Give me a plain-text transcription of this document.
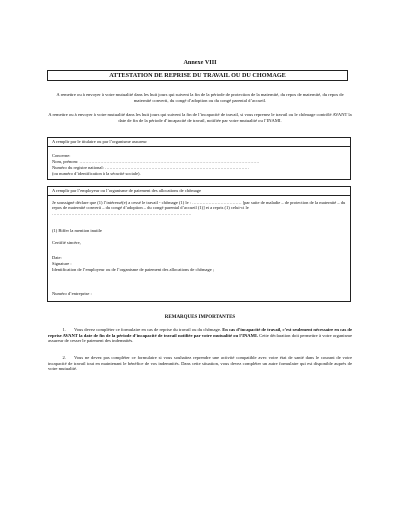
Annexe VIII
ATTESTATION DE REPRISE DU TRAVAIL OU DU CHOMAGE
A remettre ou à envoyer à votre mutualité dans les huit jours qui suivent la fin de la période de protection de la maternité, du repos de maternité, du repos de maternité converti, du congé d’adoption ou du congé parental d’accueil.
A remettre ou à envoyer à votre mutualité dans les huit jours qui suivent la fin de l’incapacité de travail, si vous reprenez le travail ou le chômage contrôlé AVANT la date de fin de la période d’incapacité de travail, notifiée par votre mutualité ou l’INAMI.
A remplir par le titulaire ou par l’organisme assureur
Concerne:
Nom, prénom: …………………………………………………………………………………………………………
Numéro du registre national: ……………………………………………………………………………………
(ou numéro d’identification à la sécurité sociale).
A remplir par l’employeur ou l’organisme de paiement des allocations de chômage
Je soussigné déclare que (1) l’intéressé(e) a cessé le travail - chômage (1) le : …………………………… [par suite de maladie – de protection de la maternité – du repos de maternité converti – du congé d’adoption – du congé parental d’accueil (1)] et a repris (1) celui-ci le …………………………………………………………………………………
(1) Biffer la mention inutile
Certifié sincère,
Date:
Signature :
Identification de l’employeur ou de l’organisme de paiement des allocations de chômage ;
Numéro d’entreprise :
REMARQUES IMPORTANTES
1. Vous devez compléter ce formulaire en cas de reprise du travail ou du chômage. En cas d’incapacité de travail, c’est seulement nécessaire en cas de reprise AVANT la date de fin de la période d’incapacité de travail notifiée par votre mutualité ou l’INAMI. Cette déclaration doit permettre à votre organisme assureur de cesser le paiement des indemnités.
2. Vous ne devez pas compléter ce formulaire si vous souhaitez reprendre une activité compatible avec votre état de santé dans le courant de votre incapacité de travail tout en maintenant le bénéfice de vos indemnités. Dans cette situation, vous devez compléter un autre formulaire qui est disponible auprès de votre mutualité.
